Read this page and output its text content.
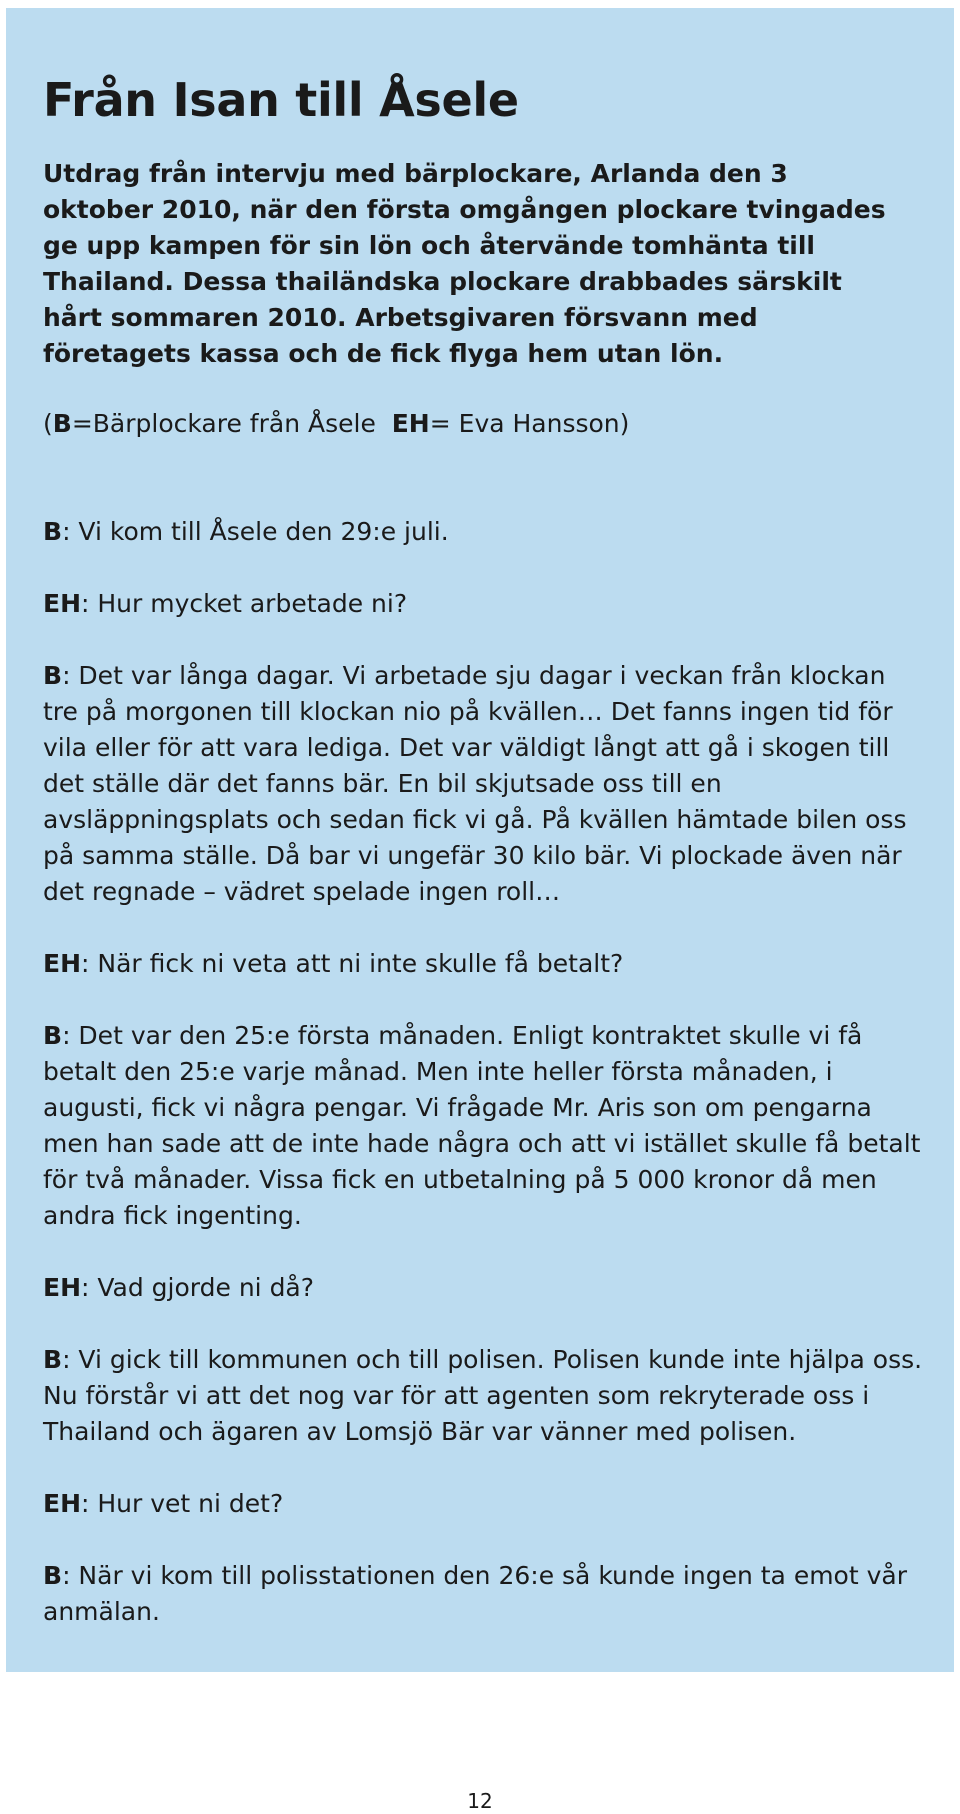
Från Isan till Åsele

Utdrag från intervju med bärplockare, Arlanda den 3 oktober 2010, när den första omgången plockare tvingades ge upp kampen för sin lön och återvände tomhänta till Thailand. Dessa thailändska plockare drabbades särskilt hårt sommaren 2010. Arbetsgivaren försvann med företagets kassa och de fick flyga hem utan lön.

(B=Bärplockare från Åsele EH= Eva Hansson)

B: Vi kom till Åsele den 29:e juli.

EH: Hur mycket arbetade ni?

B: Det var långa dagar. Vi arbetade sju dagar i veckan från klockan tre på morgonen till klockan nio på kvällen… Det fanns ingen tid för vila eller för att vara lediga. Det var väldigt långt att gå i skogen till det ställe där det fanns bär. En bil skjutsade oss till en avsläppningsplats och sedan fick vi gå. På kvällen hämtade bilen oss på samma ställe. Då bar vi ungefär 30 kilo bär. Vi plockade även när det regnade – vädret spelade ingen roll…

EH: När fick ni veta att ni inte skulle få betalt?

B: Det var den 25:e första månaden. Enligt kontraktet skulle vi få betalt den 25:e varje månad. Men inte heller första månaden, i augusti, fick vi några pengar. Vi frågade Mr. Aris son om pengarna men han sade att de inte hade några och att vi istället skulle få betalt för två månader. Vissa fick en utbetalning på 5 000 kronor då men andra fick ingenting.

EH: Vad gjorde ni då?

B: Vi gick till kommunen och till polisen. Polisen kunde inte hjälpa oss. Nu förstår vi att det nog var för att agenten som rekryterade oss i Thailand och ägaren av Lomsjö Bär var vänner med polisen.

EH: Hur vet ni det?

B: När vi kom till polisstationen den 26:e så kunde ingen ta emot vår anmälan.

12
